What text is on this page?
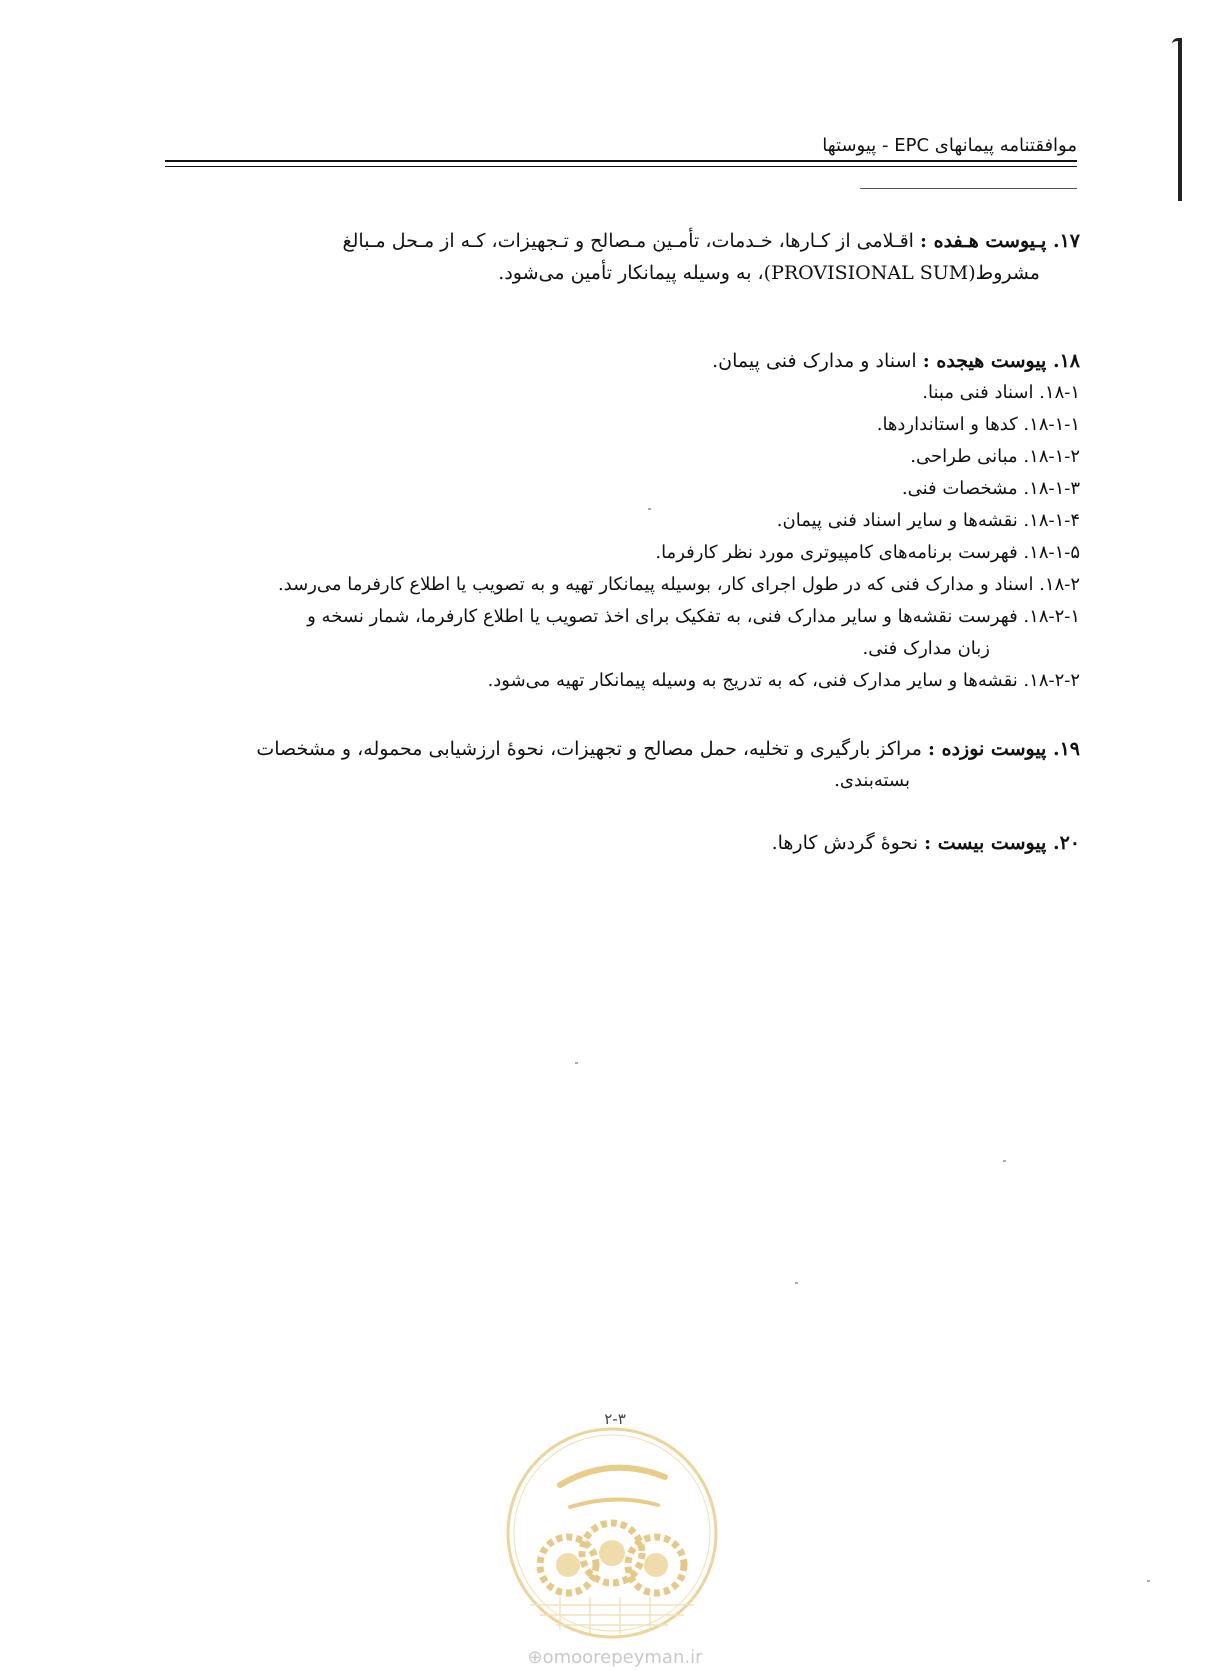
موافقتنامه پیمانهای EPC - پیوستها
۱۷. پـیوست هـفده : اقـلامی از کـارها، خـدمات، تأمـین مـصالح و تـجهیزات، کـه از مـحل مـبالغ
مشروط(PROVISIONAL SUM)، به وسیله پیمانکار تأمین می‌شود.
۱۸. پیوست هیجده : اسناد و مدارک فنی پیمان.
۱۸-۱. اسناد فنی مبنا.
۱۸-۱-۱. کدها و استانداردها.
۱۸-۱-۲. مبانی طراحی.
۱۸-۱-۳. مشخصات فنی.
۱۸-۱-۴. نقشه‌ها و سایر اسناد فنی پیمان.
۱۸-۱-۵. فهرست برنامه‌های کامپیوتری مورد نظر کارفرما.
۱۸-۲. اسناد و مدارک فنی که در طول اجرای کار، بوسیله پیمانکار تهیه و به تصویب یا اطلاع کارفرما می‌رسد.
۱۸-۲-۱. فهرست نقشه‌ها و سایر مدارک فنی، به تفکیک برای اخذ تصویب یا اطلاع کارفرما، شمار نسخه و
زبان مدارک فنی.
۱۸-۲-۲. نقشه‌ها و سایر مدارک فنی، که به تدریج به وسیله پیمانکار تهیه می‌شود.
۱۹. پیوست نوزده : مراکز بارگیری و تخلیه، حمل مصالح و تجهیزات، نحوهٔ ارزشیابی محموله، و مشخصات
بسته‌بندی.
۲۰. پیوست بیست : نحوهٔ گردش کارها.
۲-۳
⊕omoorepeyman.ir
